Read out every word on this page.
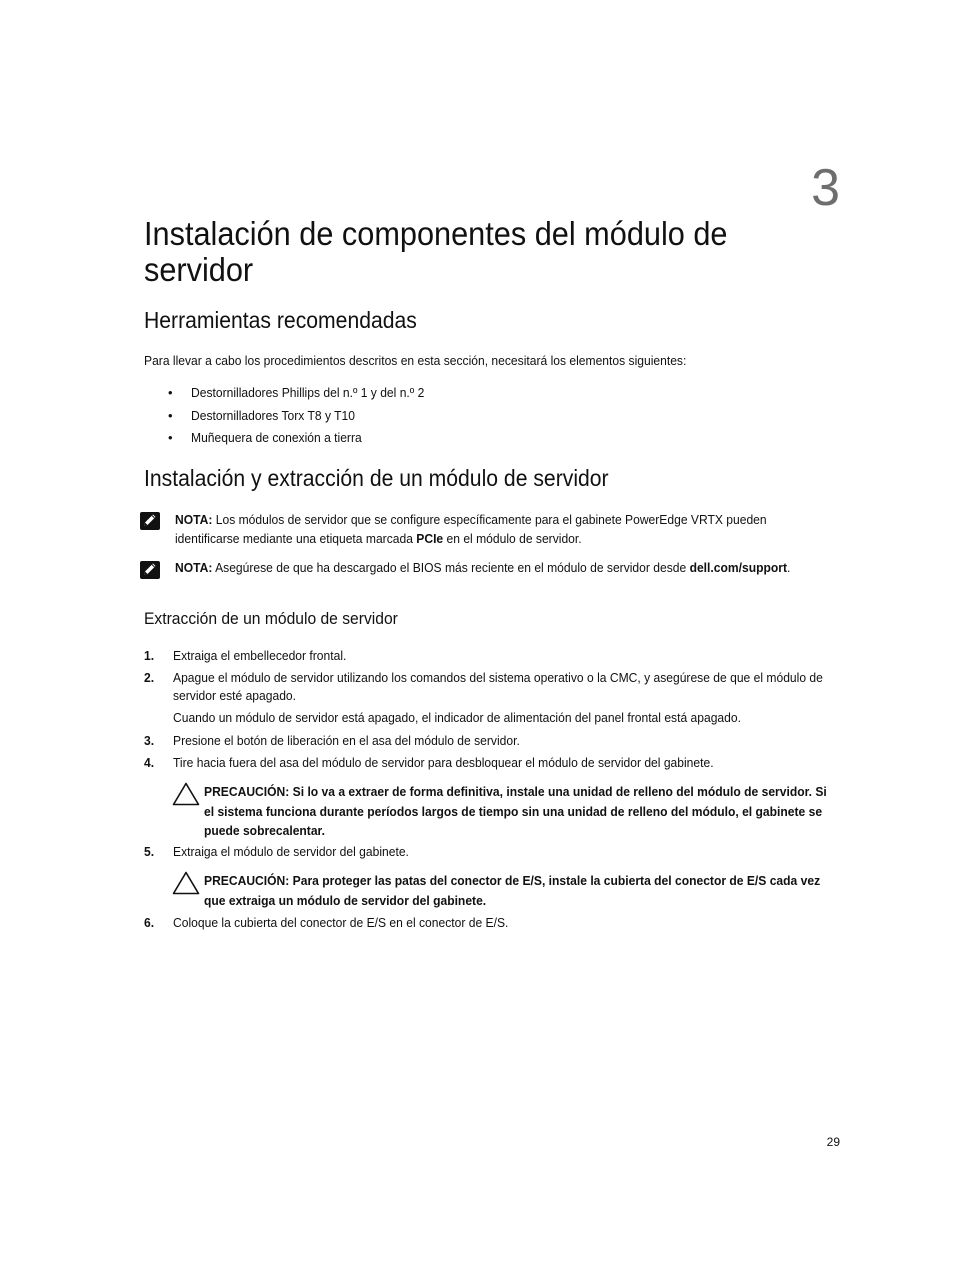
3
Instalación de componentes del módulo de servidor
Herramientas recomendadas

Para llevar a cabo los procedimientos descritos en esta sección, necesitará los elementos siguientes:

• Destornilladores Phillips del n.º 1 y del n.º 2

• Destornilladores Torx T8 y T10

• Muñequera de conexión a tierra

Instalación y extracción de un módulo de servidor

NOTA: Los módulos de servidor que se configure específicamente para el gabinete PowerEdge VRTX pueden

identificarse mediante una etiqueta marcada PCIe en el módulo de servidor.

NOTA: Asegúrese de que ha descargado el BIOS más reciente en el módulo de servidor desde dell.com/support.

Extracción de un módulo de servidor
1. Extraiga el embellecedor frontal.

2. Apague el módulo de servidor utilizando los comandos del sistema operativo o la CMC, y asegúrese de que el módulo de servidor esté apagado.

Cuando un módulo de servidor está apagado, el indicador de alimentación del panel frontal está apagado.

3. Presione el botón de liberación en el asa del módulo de servidor.

4. Tire hacia fuera del asa del módulo de servidor para desbloquear el módulo de servidor del gabinete.

PRECAUCIÓN: Si lo va a extraer de forma definitiva, instale una unidad de relleno del módulo de servidor. Si el sistema funciona durante períodos largos de tiempo sin una unidad de relleno del módulo, el gabinete se puede sobrecalentar.

5. Extraiga el módulo de servidor del gabinete.

PRECAUCIÓN: Para proteger las patas del conector de E/S, instale la cubierta del conector de E/S cada vez que extraiga un módulo de servidor del gabinete.

6. Coloque la cubierta del conector de E/S en el conector de E/S.

29
